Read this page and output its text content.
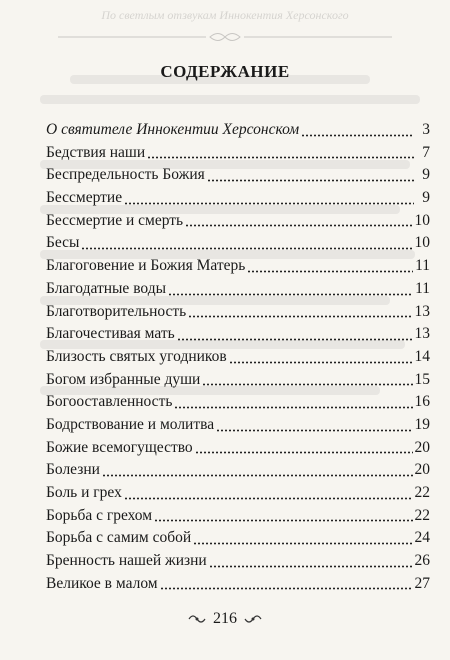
По светлым отзвукам Иннокентия Херсонского
СОДЕРЖАНИЕ
О святителе Иннокентии Херсонском	3
Бедствия наши	7
Беспредельность Божия	9
Бессмертие	9
Бессмертие и смерть	10
Бесы	10
Благоговение и Божия Матерь	11
Благодатные воды	11
Благотворительность	13
Благочестивая мать	13
Близость святых угодников	14
Богом избранные души	15
Богооставленность	16
Бодрствование и молитва	19
Божие всемогущество	20
Болезни	20
Боль и грех	22
Борьба с грехом	22
Борьба с самим собой	24
Бренность нашей жизни	26
Великое в малом	27
216
